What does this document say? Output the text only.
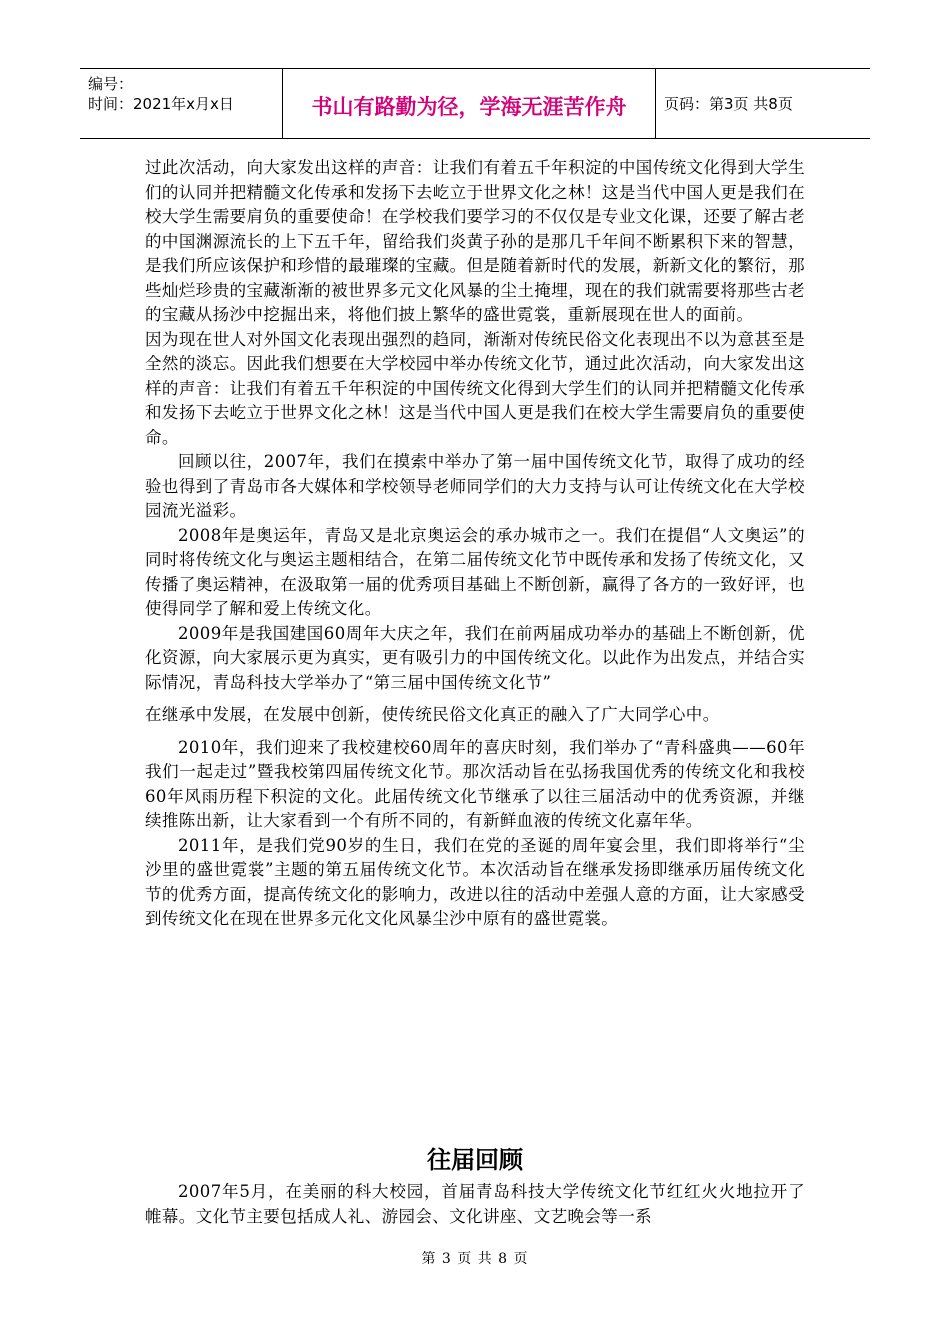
编号：
时间：2021年x月x日	书山有路勤为径，学海无涯苦作舟	页码：第3页 共8页

过此次活动，向大家发出这样的声音：让我们有着五千年积淀的中国传统文化得到大学生们的认同并把精髓文化传承和发扬下去屹立于世界文化之林！这是当代中国人更是我们在校大学生需要肩负的重要使命！在学校我们要学习的不仅仅是专业文化课，还要了解古老的中国渊源流长的上下五千年，留给我们炎黄子孙的是那几千年间不断累积下来的智慧，是我们所应该保护和珍惜的最璀璨的宝藏。但是随着新时代的发展，新新文化的繁衍，那些灿烂珍贵的宝藏渐渐的被世界多元文化风暴的尘土掩埋，现在的我们就需要将那些古老的宝藏从扬沙中挖掘出来，将他们披上繁华的盛世霓裳，重新展现在世人的面前。

因为现在世人对外国文化表现出强烈的趋同，渐渐对传统民俗文化表现出不以为意甚至是全然的淡忘。因此我们想要在大学校园中举办传统文化节，通过此次活动，向大家发出这样的声音：让我们有着五千年积淀的中国传统文化得到大学生们的认同并把精髓文化传承和发扬下去屹立于世界文化之林！这是当代中国人更是我们在校大学生需要肩负的重要使命。

回顾以往，2007年，我们在摸索中举办了第一届中国传统文化节，取得了成功的经验也得到了青岛市各大媒体和学校领导老师同学们的大力支持与认可让传统文化在大学校园流光溢彩。

2008年是奥运年，青岛又是北京奥运会的承办城市之一。我们在提倡“人文奥运”的同时将传统文化与奥运主题相结合，在第二届传统文化节中既传承和发扬了传统文化，又传播了奥运精神，在汲取第一届的优秀项目基础上不断创新，赢得了各方的一致好评，也使得同学了解和爱上传统文化。

2009年是我国建国60周年大庆之年，我们在前两届成功举办的基础上不断创新，优化资源，向大家展示更为真实，更有吸引力的中国传统文化。以此作为出发点，并结合实际情况，青岛科技大学举办了“第三届中国传统文化节”

在继承中发展，在发展中创新，使传统民俗文化真正的融入了广大同学心中。

2010年，我们迎来了我校建校60周年的喜庆时刻，我们举办了“青科盛典——60年我们一起走过”暨我校第四届传统文化节。那次活动旨在弘扬我国优秀的传统文化和我校60年风雨历程下积淀的文化。此届传统文化节继承了以往三届活动中的优秀资源，并继续推陈出新，让大家看到一个有所不同的，有新鲜血液的传统文化嘉年华。

2011年，是我们党90岁的生日，我们在党的圣诞的周年宴会里，我们即将举行“尘沙里的盛世霓裳”主题的第五届传统文化节。本次活动旨在继承发扬即继承历届传统文化节的优秀方面，提高传统文化的影响力，改进以往的活动中差强人意的方面，让大家感受到传统文化在现在世界多元化文化风暴尘沙中原有的盛世霓裳。

往届回顾

2007年5月，在美丽的科大校园，首届青岛科技大学传统文化节红红火火地拉开了帷幕。文化节主要包括成人礼、游园会、文化讲座、文艺晚会等一系

第 3 页 共 8 页
